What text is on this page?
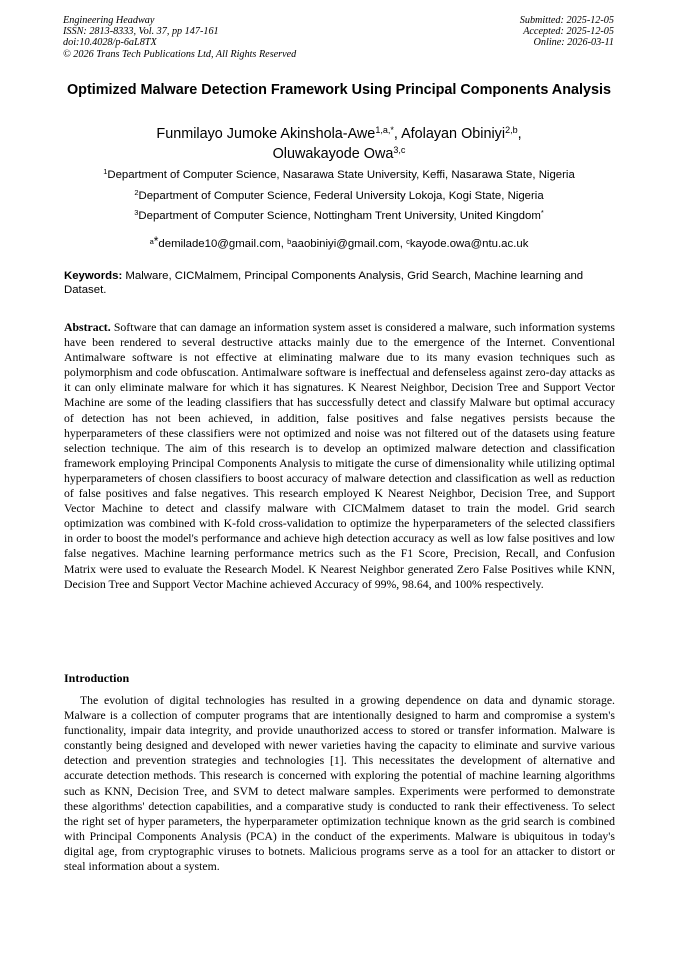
Engineering Headway
ISSN: 2813-8333, Vol. 37, pp 147-161
doi:10.4028/p-6aL8TX
© 2026 Trans Tech Publications Ltd, All Rights Reserved
Submitted: 2025-12-05
Accepted: 2025-12-05
Online: 2026-03-11
Optimized Malware Detection Framework Using Principal Components Analysis
Funmilayo Jumoke Akinshola-Awe$^{1,a,*}$, Afolayan Obiniyi$^{2,b}$,
Oluwakayode Owa$^{3,c}$
$^1$Department of Computer Science, Nasarawa State University, Keffi, Nasarawa State, Nigeria
$^2$Department of Computer Science, Federal University Lokoja, Kogi State, Nigeria
$^3$Department of Computer Science, Nottingham Trent University, United Kingdom*
$^a$*demilade10@gmail.com, $^b$aaobiniyi@gmail.com, $^c$kayode.owa@ntu.ac.uk
Keywords: Malware, CICMalmem, Principal Components Analysis, Grid Search, Machine learning and Dataset.
Abstract. Software that can damage an information system asset is considered a malware, such information systems have been rendered to several destructive attacks mainly due to the emergence of the Internet. Conventional Antimalware software is not effective at eliminating malware due to its many evasion techniques such as polymorphism and code obfuscation. Antimalware software is ineffectual and defenseless against zero-day attacks as it can only eliminate malware for which it has signatures. K Nearest Neighbor, Decision Tree and Support Vector Machine are some of the leading classifiers that has successfully detect and classify Malware but optimal accuracy of detection has not been achieved, in addition, false positives and false negatives persists because the hyperparameters of these classifiers were not optimized and noise was not filtered out of the datasets using feature selection technique. The aim of this research is to develop an optimized malware detection and classification framework employing Principal Components Analysis to mitigate the curse of dimensionality while utilizing optimal hyperparameters of chosen classifiers to boost accuracy of malware detection and classification as well as reduction of false positives and false negatives. This research employed K Nearest Neighbor, Decision Tree, and Support Vector Machine to detect and classify malware with CICMalmem dataset to train the model. Grid search optimization was combined with K-fold cross-validation to optimize the hyperparameters of the selected classifiers in order to boost the model's performance and achieve high detection accuracy as well as low false positives and low false negatives. Machine learning performance metrics such as the F1 Score, Precision, Recall, and Confusion Matrix were used to evaluate the Research Model. K Nearest Neighbor generated Zero False Positives while KNN, Decision Tree and Support Vector Machine achieved Accuracy of 99%, 98.64, and 100% respectively.
Introduction
The evolution of digital technologies has resulted in a growing dependence on data and dynamic storage. Malware is a collection of computer programs that are intentionally designed to harm and compromise a system's functionality, impair data integrity, and provide unauthorized access to stored or transfer information. Malware is constantly being designed and developed with newer varieties having the capacity to eliminate and survive various detection and prevention strategies and technologies [1]. This necessitates the development of alternative and accurate detection methods. This research is concerned with exploring the potential of machine learning algorithms such as KNN, Decision Tree, and SVM to detect malware samples. Experiments were performed to demonstrate these algorithms' detection capabilities, and a comparative study is conducted to rank their effectiveness. To select the right set of hyper parameters, the hyperparameter optimization technique known as the grid search is combined with Principal Components Analysis (PCA) in the conduct of the experiments. Malware is ubiquitous in today's digital age, from cryptographic viruses to botnets. Malicious programs serve as a tool for an attacker to distort or steal information about a system.
